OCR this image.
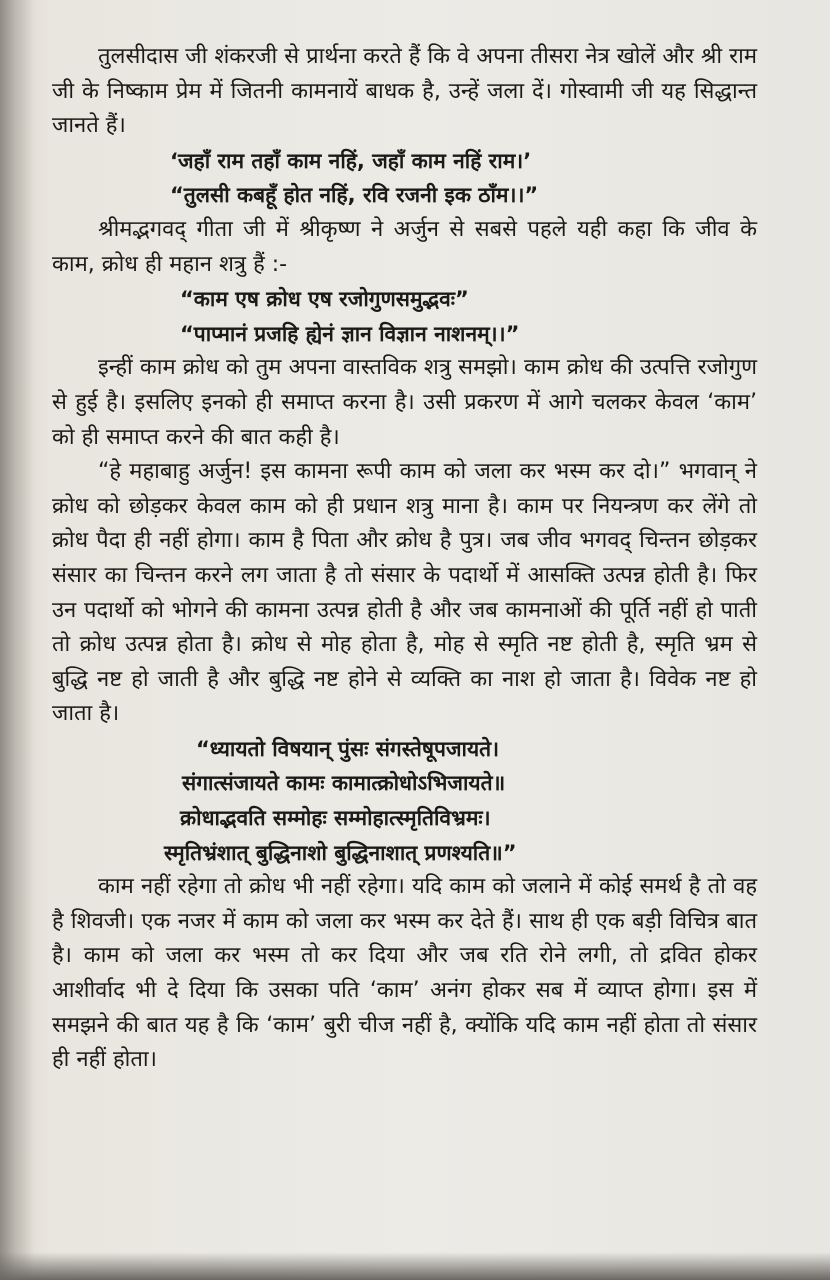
तुलसीदास जी शंकरजी से प्रार्थना करते हैं कि वे अपना तीसरा नेत्र खोलें और श्री राम जी के निष्काम प्रेम में जितनी कामनायें बाधक है, उन्हें जला दें। गोस्वामी जी यह सिद्धान्त जानते हैं।

‘जहाँ राम तहाँ काम नहिं, जहाँ काम नहिं राम।’

“तुलसी कबहूँ होत नहिं, रवि रजनी इक ठाँम।।”

श्रीमद्भगवद् गीता जी में श्रीकृष्ण ने अर्जुन से सबसे पहले यही कहा कि जीव के काम, क्रोध ही महान शत्रु हैं :-

“काम एष क्रोध एष रजोगुणसमुद्भवः”

“पाप्मानं प्रजहि ह्येनं ज्ञान विज्ञान नाशनम्।।”

इन्हीं काम क्रोध को तुम अपना वास्तविक शत्रु समझो। काम क्रोध की उत्पत्ति रजोगुण से हुई है। इसलिए इनको ही समाप्त करना है। उसी प्रकरण में आगे चलकर केवल ‘काम’ को ही समाप्त करने की बात कही है।

“हे महाबाहु अर्जुन! इस कामना रूपी काम को जला कर भस्म कर दो।” भगवान् ने क्रोध को छोड़कर केवल काम को ही प्रधान शत्रु माना है। काम पर नियन्त्रण कर लेंगे तो क्रोध पैदा ही नहीं होगा। काम है पिता और क्रोध है पुत्र। जब जीव भगवद् चिन्तन छोड़कर संसार का चिन्तन करने लग जाता है तो संसार के पदार्थो में आसक्ति उत्पन्न होती है। फिर उन पदार्थो को भोगने की कामना उत्पन्न होती है और जब कामनाओं की पूर्ति नहीं हो पाती तो क्रोध उत्पन्न होता है। क्रोध से मोह होता है, मोह से स्मृति नष्ट होती है, स्मृति भ्रम से बुद्धि नष्ट हो जाती है और बुद्धि नष्ट होने से व्यक्ति का नाश हो जाता है। विवेक नष्ट हो जाता है।

“ध्यायतो विषयान् पुंसः संगस्तेषूपजायते।

संगात्संजायते कामः कामात्क्रोधोऽभिजायते॥

क्रोधाद्भवति सम्मोहः सम्मोहात्स्मृतिविभ्रमः।

स्मृतिभ्रंशात् बुद्धिनाशो बुद्धिनाशात् प्रणश्यति॥”

काम नहीं रहेगा तो क्रोध भी नहीं रहेगा। यदि काम को जलाने में कोई समर्थ है तो वह है शिवजी। एक नजर में काम को जला कर भस्म कर देते हैं। साथ ही एक बड़ी विचित्र बात है। काम को जला कर भस्म तो कर दिया और जब रति रोने लगी, तो द्रवित होकर आशीर्वाद भी दे दिया कि उसका पति ‘काम’ अनंग होकर सब में व्याप्त होगा। इस में समझने की बात यह है कि ‘काम’ बुरी चीज नहीं है, क्योंकि यदि काम नहीं होता तो संसार ही नहीं होता।
